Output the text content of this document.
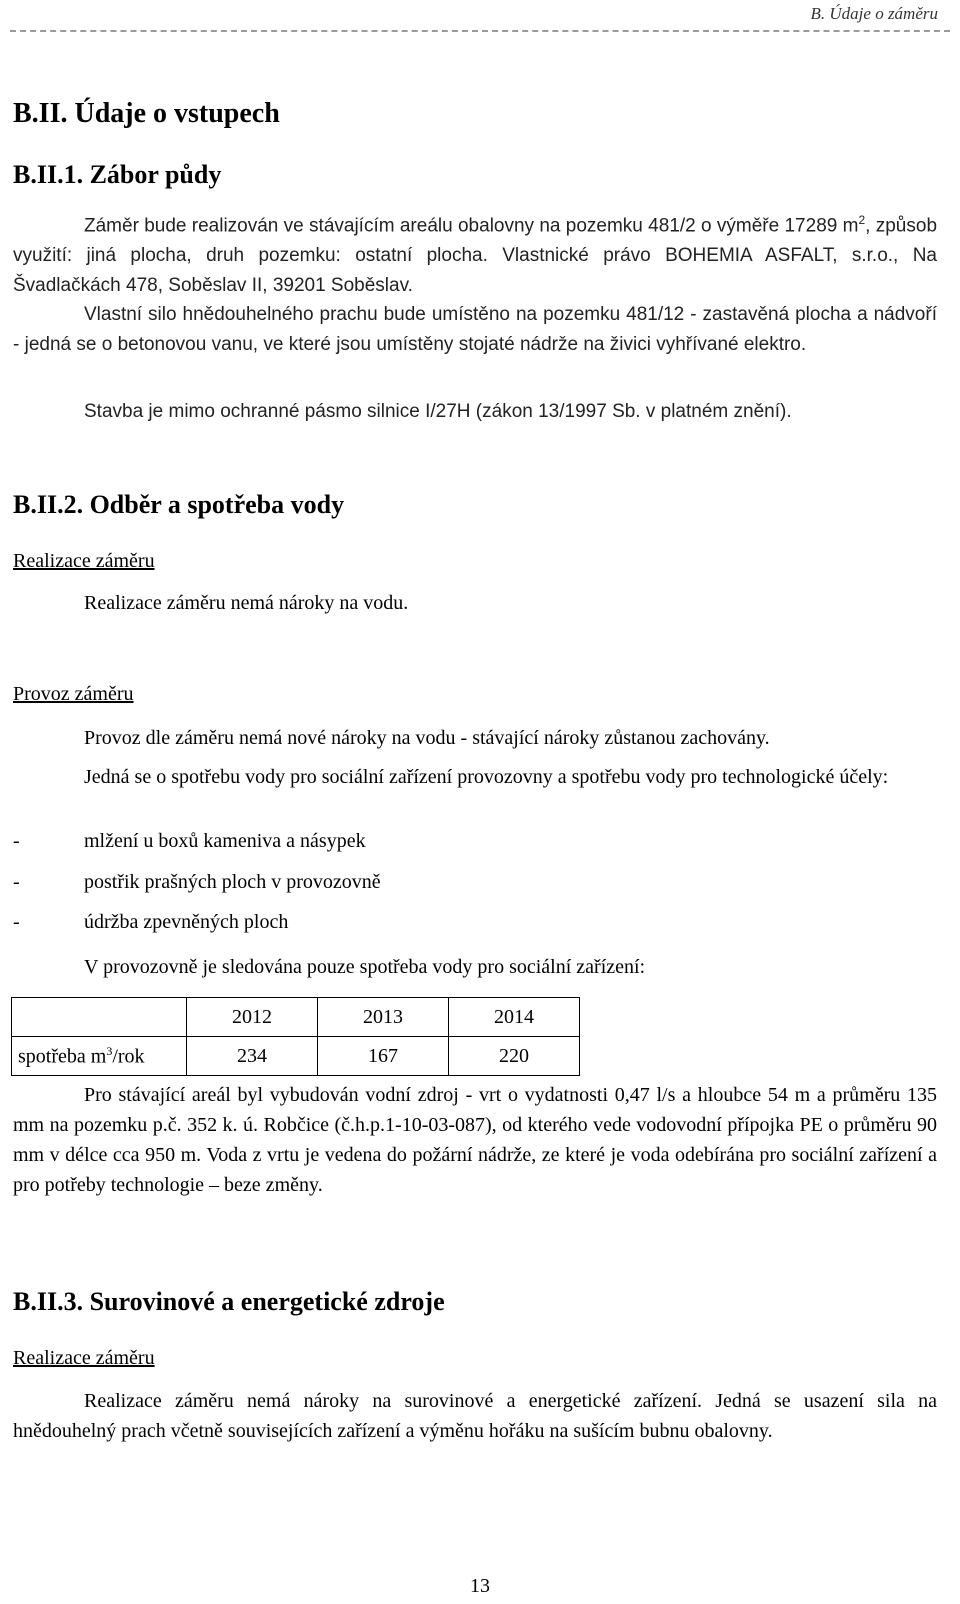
B. Údaje o záměru
B.II. Údaje o vstupech
B.II.1. Zábor půdy
Záměr bude realizován ve stávajícím areálu obalovny na pozemku 481/2 o výměře 17289 $m^2$, způsob využití: jiná plocha, druh pozemku: ostatní plocha. Vlastnické právo BOHEMIA ASFALT, s.r.o., Na Švadlačkách 478, Soběslav II, 39201 Soběslav.
Vlastní silo hnědouhelného prachu bude umístěno na pozemku 481/12 - zastavěná plocha a nádvoří - jedná se o betonovou vanu, ve které jsou umístěny stojaté nádrže na živici vyhřívané elektro.
Stavba je mimo ochranné pásmo silnice I/27H (zákon 13/1997 Sb. v platném znění).
B.II.2. Odběr a spotřeba vody
Realizace záměru
Realizace záměru nemá nároky na vodu.
Provoz záměru
Provoz dle záměru nemá nové nároky na vodu - stávající nároky zůstanou zachovány.
Jedná se o spotřebu vody pro sociální zařízení provozovny a spotřebu vody pro technologické účely:
-	mlžení u boxů kameniva a násypek
-	postřik prašných ploch v provozovně
-	údržba zpevněných ploch
V provozovně je sledována pouze spotřeba vody pro sociální zařízení:
	2012	2013	2014
spotřeba $m^3$/rok	234	167	220
Pro stávající areál byl vybudován vodní zdroj - vrt o vydatnosti 0,47 l/s a hloubce 54 m a průměru 135 mm na pozemku p.č. 352 k. ú. Robčice (č.h.p.1-10-03-087), od kterého vede vodovodní přípojka PE o průměru 90 mm v délce cca 950 m. Voda z vrtu je vedena do požární nádrže, ze které je voda odebírána pro sociální zařízení a pro potřeby technologie – beze změny.
B.II.3. Surovinové a energetické zdroje
Realizace záměru
Realizace záměru nemá nároky na surovinové a energetické zařízení. Jedná se usazení sila na hnědouhelný prach včetně souvisejících zařízení a výměnu hořáku na sušícím bubnu obalovny.
13
